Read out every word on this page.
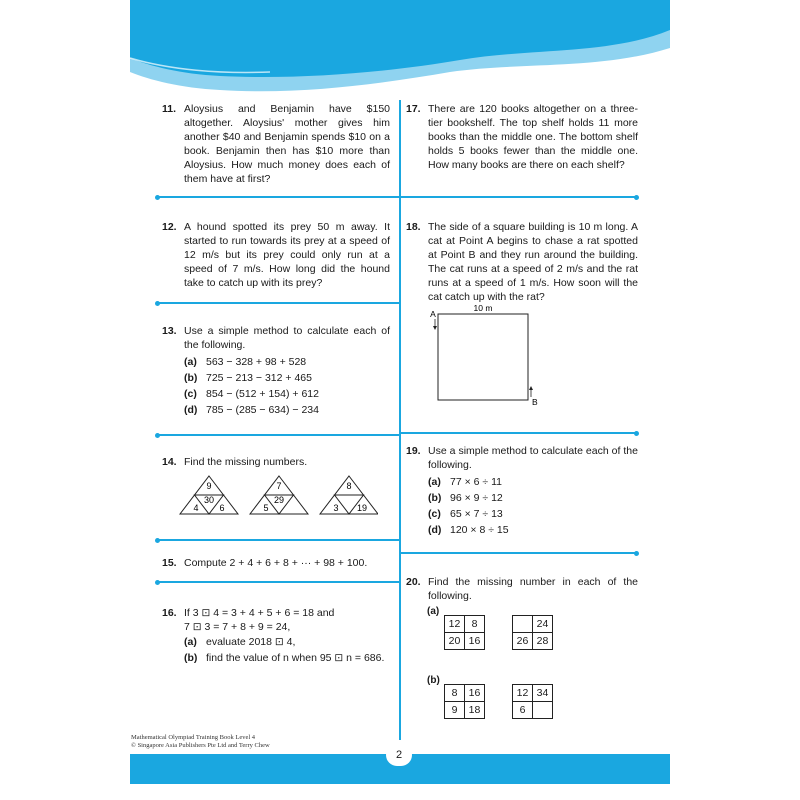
11. Aloysius and Benjamin have $150 altogether. Aloysius' mother gives him another $40 and Benjamin spends $10 on a book. Benjamin then has $10 more than Aloysius. How much money does each of them have at first?
12. A hound spotted its prey 50 m away. It started to run towards its prey at a speed of 12 m/s but its prey could only run at a speed of 7 m/s. How long did the hound take to catch up with its prey?
13. Use a simple method to calculate each of the following.
(a) 563 − 328 + 98 + 528
(b) 725 − 213 − 312 + 465
(c) 854 − (512 + 154) + 612
(d) 785 − (285 − 634) − 234
14. Find the missing numbers.
9
30
4 6
7
29
5
8
3 19
15. Compute 2 + 4 + 6 + 8 + ··· + 98 + 100.
16. If 3 ⊡ 4 = 3 + 4 + 5 + 6 = 18 and
7 ⊡ 3 = 7 + 8 + 9 = 24,
(a) evaluate 2018 ⊡ 4,
(b) find the value of n when 95 ⊡ n = 686.
17. There are 120 books altogether on a three-tier bookshelf. The top shelf holds 11 more books than the middle one. The bottom shelf holds 5 books fewer than the middle one. How many books are there on each shelf?
18. The side of a square building is 10 m long. A cat at Point A begins to chase a rat spotted at Point B and they run around the building. The cat runs at a speed of 2 m/s and the rat runs at a speed of 1 m/s. How soon will the cat catch up with the rat?
10 m
A
B
19. Use a simple method to calculate each of the following.
(a) 77 × 6 ÷ 11
(b) 96 × 9 ÷ 12
(c) 65 × 7 ÷ 13
(d) 120 × 8 ÷ 15
20. Find the missing number in each of the following.
(a)
12	8
20	16
	24
26	28
(b)
8	16
9	18
12	34
6	
Mathematical Olympiad Training Book Level 4
© Singapore Asia Publishers Pte Ltd and Terry Chew
2
